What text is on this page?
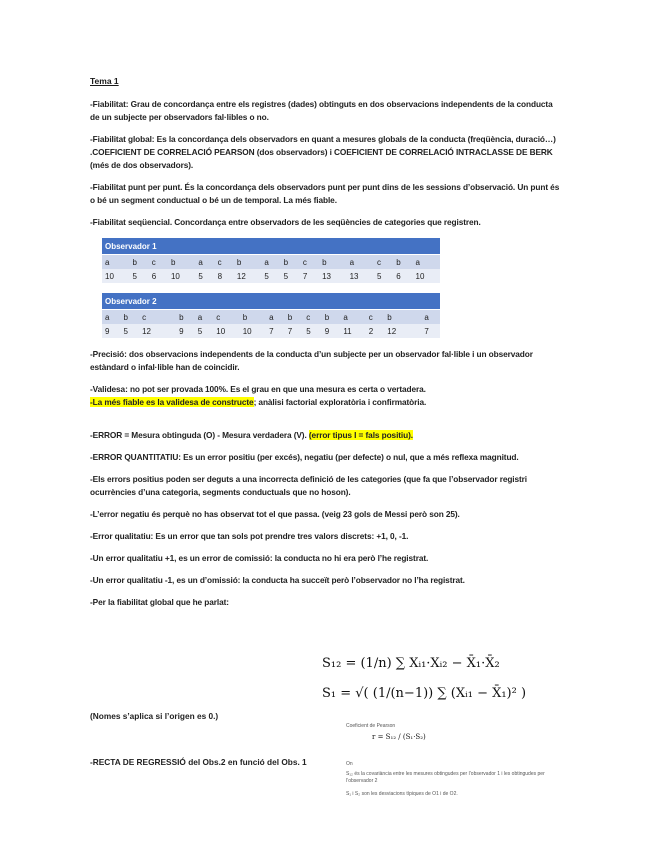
Tema 1

-Fiabilitat: Grau de concordança entre els registres (dades) obtinguts en dos observacions independents de la conducta de un subjecte per observadors fal·libles o no.

-Fiabilitat global: Es la concordança dels observadors en quant a mesures globals de la conducta (freqüència, duració…) .COEFICIENT DE CORRELACIÓ PEARSON (dos observadors) i COEFICIENT DE CORRELACIÓ INTRACLASSE DE BERK (més de dos observadors).

-Fiabilitat punt per punt. És la concordança dels observadors punt per punt dins de les sessions d’observació. Un punt és o bé un segment conductual o bé un de temporal. La més fiable.

-Fiabilitat seqüencial. Concordança entre observadors de les seqüències de categories que registren.

Observador 1														
a	b	c	b	a	c	b	a	b	c	b	a	c	b	a
10	5	6	10	5	8	12	5	5	7	13	13	5	6	10
Observador 2																
a	b	c		b	a	c	b	a	b	c	b	a	c	b		a
9	5	12		9	5	10	10	7	7	5	9	11	2	12		7

-Precisió: dos observacions independents de la conducta d’un subjecte per un observador fal·lible i un observador estàndard o infal·lible han de coincidir.

-Validesa: no pot ser provada 100%. Es el grau en que una mesura es certa o vertadera.

-La més fiable es la validesa de constructe; anàlisi factorial exploratòria i confirmatòria.

-ERROR = Mesura obtinguda (O) - Mesura verdadera (V). (error tipus I = fals positiu).

-ERROR QUANTITATIU: Es un error positiu (per excés), negatiu (per defecte) o nul, que a més reflexa magnitud.

-Els errors positius poden ser deguts a una incorrecta definició de les categories (que fa que l’observador registri ocurrències d’una categoria, segments conductuals que no hoson).

-L’error negatiu és perquè no has observat tot el que passa. (veig 23 gols de Messi però son 25).

-Error qualitatiu: Es un error que tan sols pot prendre tres valors discrets: +1, 0, -1.

-Un error qualitatiu +1, es un error de comissió: la conducta no hi era però l’he registrat.

-Un error qualitatiu -1, es un d’omissió: la conducta ha succeït però l’observador no l’ha registrat.

-Per la fiabilitat global que he parlat:

S₁₂ = (1/n) ∑ Xᵢ₁·Xᵢ₂ − X̄₁·X̄₂
S₁ = √( (1/(n−1)) ∑ (Xᵢ₁ − X̄₁)² )
(Nomes s’aplica si l’origen es 0.)
Coeficient de Pearson
r = S₁₂ / (S₁·S₂)
-RECTA DE REGRESSIÓ del Obs.2 en funció del Obs. 1	On
S₁₂ és la covariància entre les mesures obtingudes per l’observador 1 i les obtingudes per l’observador 2
S₁ i S₂ son les desviacions típiques de O1 i de O2.
